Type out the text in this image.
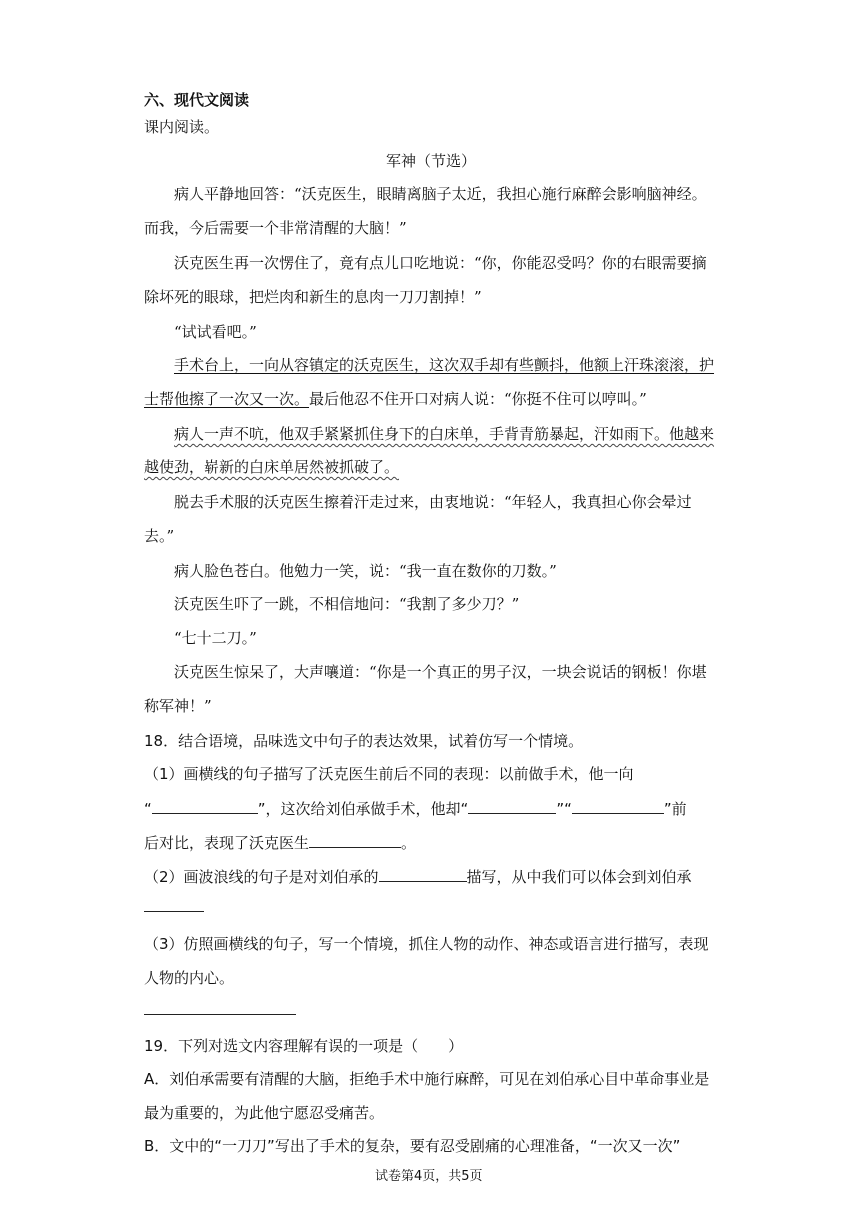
六、现代文阅读
课内阅读。
军神（节选）
病人平静地回答：“沃克医生，眼睛离脑子太近，我担心施行麻醉会影响脑神经。
而我，今后需要一个非常清醒的大脑！”
沃克医生再一次愣住了，竟有点儿口吃地说：“你，你能忍受吗？你的右眼需要摘
除坏死的眼球，把烂肉和新生的息肉一刀刀割掉！”
“试试看吧。”
手术台上，一向从容镇定的沃克医生，这次双手却有些颤抖，他额上汗珠滚滚，护
士帮他擦了一次又一次。最后他忍不住开口对病人说：“你挺不住可以哼叫。”
病人一声不吭，他双手紧紧抓住身下的白床单，手背青筋暴起，汗如雨下。他越来
越使劲，崭新的白床单居然被抓破了。
脱去手术服的沃克医生擦着汗走过来，由衷地说：“年轻人，我真担心你会晕过
去。”
病人脸色苍白。他勉力一笑，说：“我一直在数你的刀数。”
沃克医生吓了一跳，不相信地问：“我割了多少刀？”
“七十二刀。”
沃克医生惊呆了，大声嚷道：“你是一个真正的男子汉，一块会说话的钢板！你堪
称军神！”
18．结合语境，品味选文中句子的表达效果，试着仿写一个情境。
（1）画横线的句子描写了沃克医生前后不同的表现：以前做手术，他一向
“	”，这次给刘伯承做手术，他却“	”“	”前
后对比，表现了沃克医生	。
（2）画波浪线的句子是对刘伯承的	描写，从中我们可以体会到刘伯承
（3）仿照画横线的句子，写一个情境，抓住人物的动作、神态或语言进行描写，表现
人物的内心。
19．下列对选文内容理解有误的一项是（　　）
A．刘伯承需要有清醒的大脑，拒绝手术中施行麻醉，可见在刘伯承心目中革命事业是
最为重要的，为此他宁愿忍受痛苦。
B．文中的“一刀刀”写出了手术的复杂，要有忍受剧痛的心理准备，“一次又一次”
试卷第4页，共5页
